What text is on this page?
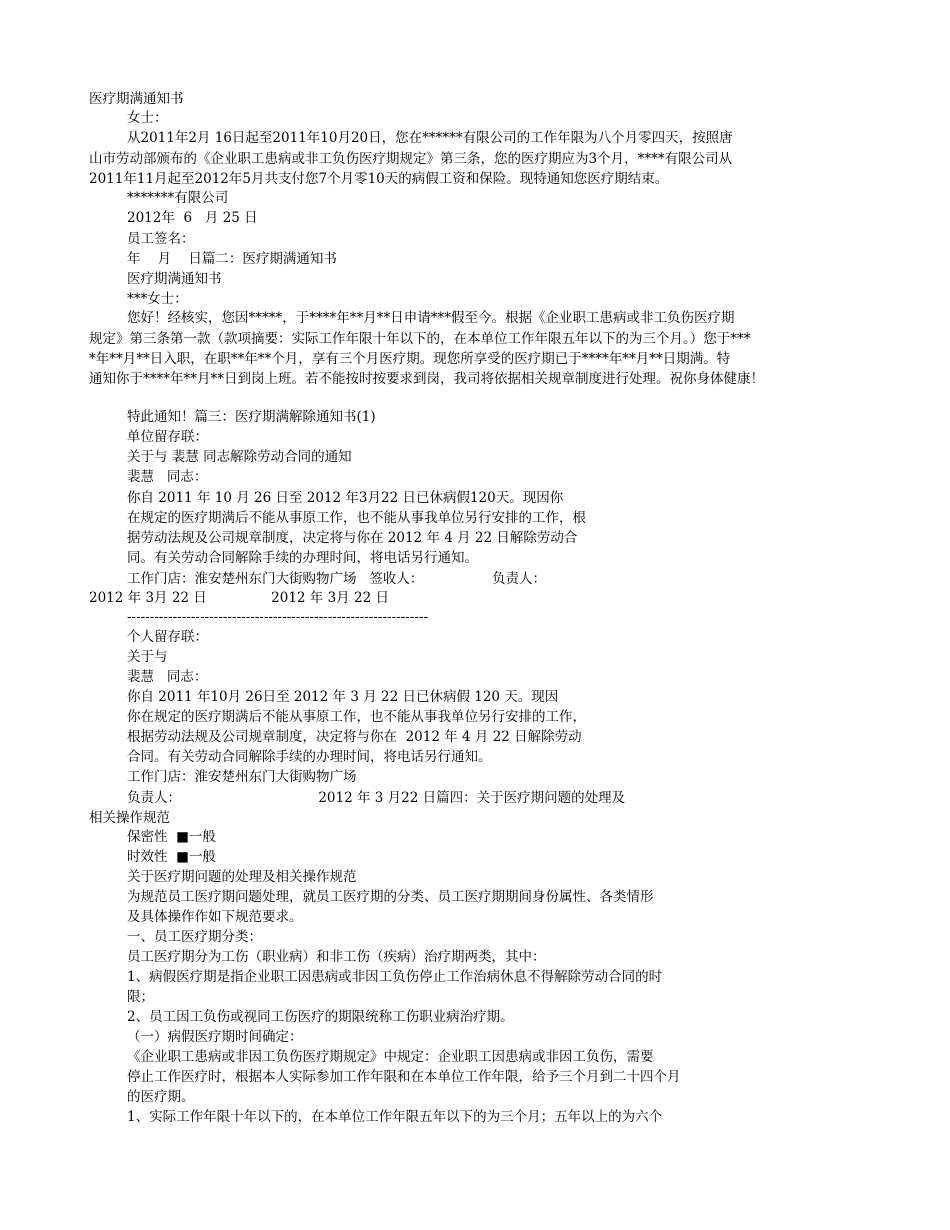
医疗期满通知书
女士：
从2011年2月 16日起至2011年10月20日，您在******有限公司的工作年限为八个月零四天，按照唐
山市劳动部颁布的《企业职工患病或非工负伤医疗期规定》第三条，您的医疗期应为3个月，****有限公司从
2011年11月起至2012年5月共支付您7个月零10天的病假工资和保险。现特通知您医疗期结束。
*******有限公司
2012年  6   月 25 日
员工签名：
年    月    日篇二：医疗期满通知书
医疗期满通知书
***女士：
您好！经核实，您因*****，于****年**月**日申请***假至今。根据《企业职工患病或非工负伤医疗期
规定》第三条第一款（款项摘要：实际工作年限十年以下的，在本单位工作年限五年以下的为三个月。）您于***
*年**月**日入职，在职**年**个月，享有三个月医疗期。现您所享受的医疗期已于****年**月**日期满。特
通知你于****年**月**日到岗上班。若不能按时按要求到岗，我司将依据相关规章制度进行处理。祝你身体健康！
特此通知！篇三：医疗期满解除通知书(1)
单位留存联：
关于与 裴慧 同志解除劳动合同的通知
裴慧   同志：
你自 2011 年 10 月 26 日至 2012 年3月22 日已休病假120天。现因你
在规定的医疗期满后不能从事原工作，也不能从事我单位另行安排的工作，根
据劳动法规及公司规章制度，决定将与你在 2012 年 4 月 22 日解除劳动合
同。有关劳动合同解除手续的办理时间，将电话另行通知。
工作门店：淮安楚州东门大街购物广场   签收人：                负责人：
2012 年 3月 22 日               2012 年 3月 22 日
------------------------------------------------------------------
个人留存联：
关于与
裴慧   同志：
你自 2011 年10月 26日至 2012 年 3 月 22 日已休病假 120 天。现因
你在规定的医疗期满后不能从事原工作，也不能从事我单位另行安排的工作，
根据劳动法规及公司规章制度，决定将与你在  2012 年 4 月 22 日解除劳动
合同。有关劳动合同解除手续的办理时间，将电话另行通知。
工作门店：淮安楚州东门大街购物广场
负责人：                                2012 年 3 月22 日篇四：关于医疗期问题的处理及
相关操作规范
保密性  ■一般
时效性  ■一般
关于医疗期问题的处理及相关操作规范
为规范员工医疗期问题处理，就员工医疗期的分类、员工医疗期期间身份属性、各类情形
及具体操作作如下规范要求。
一、员工医疗期分类：
员工医疗期分为工伤（职业病）和非工伤（疾病）治疗期两类，其中：
1、病假医疗期是指企业职工因患病或非因工负伤停止工作治病休息不得解除劳动合同的时
限；
2、员工因工负伤或视同工伤医疗的期限统称工伤职业病治疗期。
（一）病假医疗期时间确定：
《企业职工患病或非因工负伤医疗期规定》中规定：企业职工因患病或非因工负伤，需要
停止工作医疗时，根据本人实际参加工作年限和在本单位工作年限，给予三个月到二十四个月
的医疗期。
1、实际工作年限十年以下的，在本单位工作年限五年以下的为三个月；五年以上的为六个
